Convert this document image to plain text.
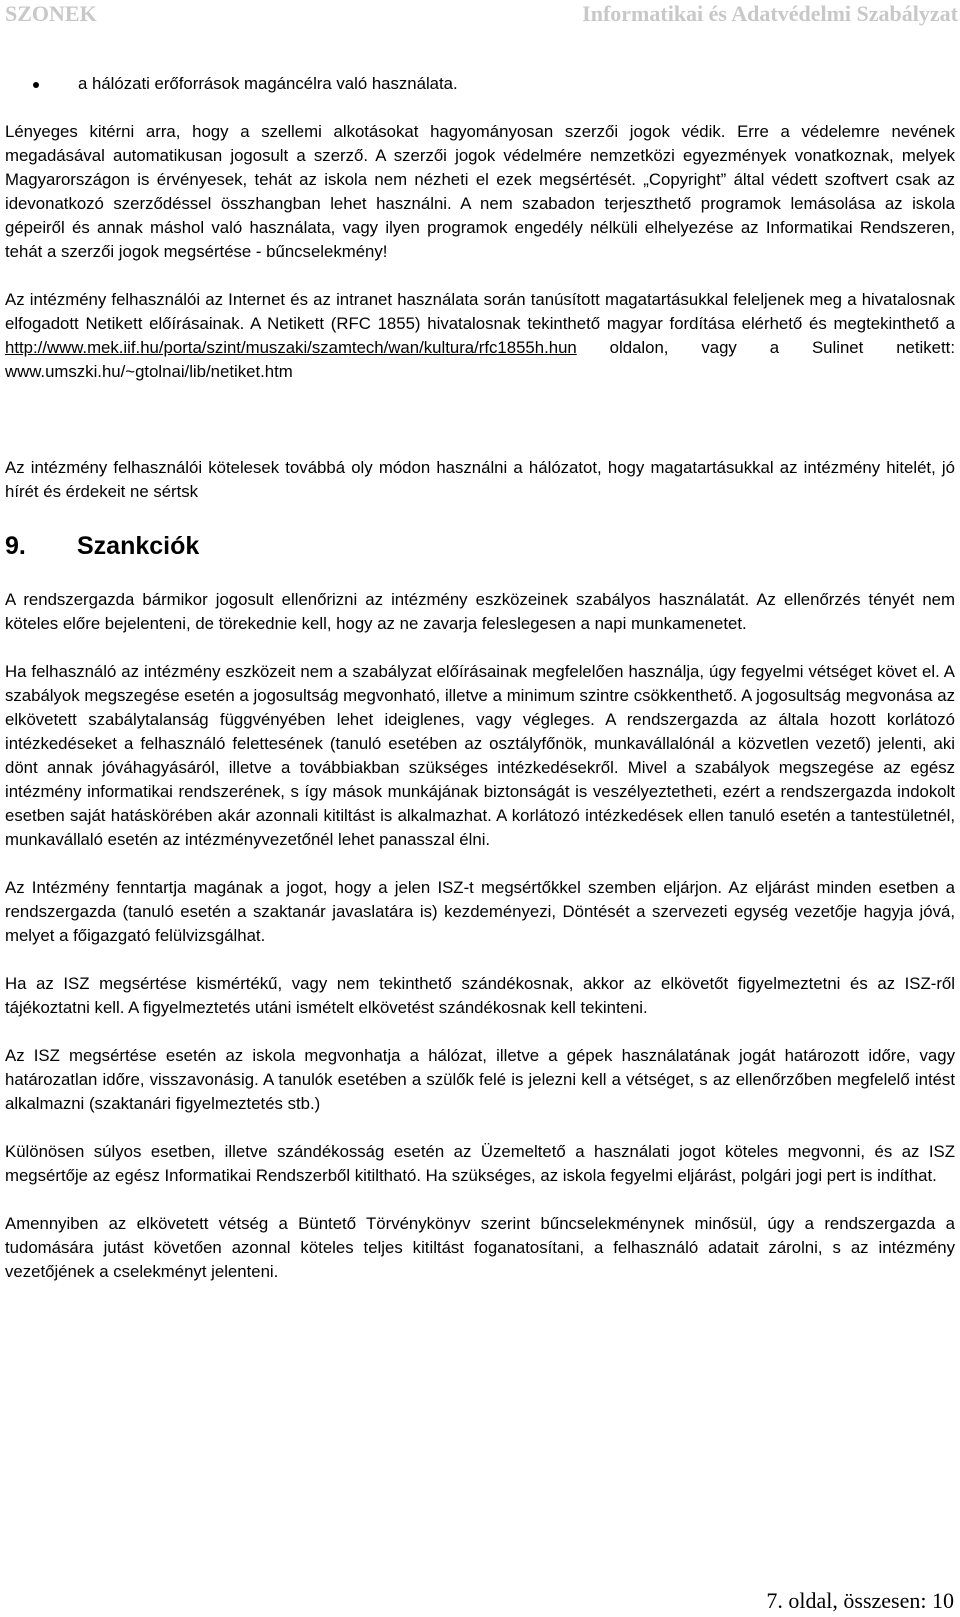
SZONEK	Informatikai és Adatvédelmi Szabályzat
a hálózati erőforrások magáncélra való használata.

Lényeges kitérni arra, hogy a szellemi alkotásokat hagyományosan szerzői jogok védik. Erre a védelemre nevének megadásával automatikusan jogosult a szerző. A szerzői jogok védelmére nemzetközi egyezmények vonatkoznak, melyek Magyarországon is érvényesek, tehát az iskola nem nézheti el ezek megsértését. „Copyright” által védett szoftvert csak az idevonatkozó szerződéssel összhangban lehet használni. A nem szabadon terjeszthető programok lemásolása az iskola gépeiről és annak máshol való használata, vagy ilyen programok engedély nélküli elhelyezése az Informatikai Rendszeren, tehát a szerzői jogok megsértése - bűncselekmény!

Az intézmény felhasználói az Internet és az intranet használata során tanúsított magatartásukkal feleljenek meg a hivatalosnak elfogadott Netikett előírásainak. A Netikett (RFC 1855) hivatalosnak tekinthető magyar fordítása elérhető és megtekinthető a http://www.mek.iif.hu/porta/szint/muszaki/szamtech/wan/kultura/rfc1855h.hun oldalon, vagy a Sulinet netikett: www.umszki.hu/~gtolnai/lib/netiket.htm

Az intézmény felhasználói kötelesek továbbá oly módon használni a hálózatot, hogy magatartásukkal az intézmény hitelét, jó hírét és érdekeit ne sértsk

9.	Szankciók

A rendszergazda bármikor jogosult ellenőrizni az intézmény eszközeinek szabályos használatát. Az ellenőrzés tényét nem köteles előre bejelenteni, de törekednie kell, hogy az ne zavarja feleslegesen a napi munkamenetet.

Ha felhasználó az intézmény eszközeit nem a szabályzat előírásainak megfelelően használja, úgy fegyelmi vétséget követ el. A szabályok megszegése esetén a jogosultság megvonható, illetve a minimum szintre csökkenthető. A jogosultság megvonása az elkövetett szabálytalanság függvényében lehet ideiglenes, vagy végleges. A rendszergazda az általa hozott korlátozó intézkedéseket a felhasználó felettesének (tanuló esetében az osztályfőnök, munkavállalónál a közvetlen vezető) jelenti, aki dönt annak jóváhagyásáról, illetve a továbbiakban szükséges intézkedésekről. Mivel a szabályok megszegése az egész intézmény informatikai rendszerének, s így mások munkájának biztonságát is veszélyeztetheti, ezért a rendszergazda indokolt esetben saját hatáskörében akár azonnali kitiltást is alkalmazhat. A korlátozó intézkedések ellen tanuló esetén a tantestületnél, munkavállaló esetén az intézményvezetőnél lehet panasszal élni.

Az Intézmény fenntartja magának a jogot, hogy a jelen ISZ-t megsértőkkel szemben eljárjon. Az eljárást minden esetben a rendszergazda (tanuló esetén a szaktanár javaslatára is) kezdeményezi, Döntését a szervezeti egység vezetője hagyja jóvá, melyet a főigazgató felülvizsgálhat.

Ha az ISZ megsértése kismértékű, vagy nem tekinthető szándékosnak, akkor az elkövetőt figyelmeztetni és az ISZ-ről tájékoztatni kell. A figyelmeztetés utáni ismételt elkövetést szándékosnak kell tekinteni.

Az ISZ megsértése esetén az iskola megvonhatja a hálózat, illetve a gépek használatának jogát határozott időre, vagy határozatlan időre, visszavonásig. A tanulók esetében a szülők felé is jelezni kell a vétséget, s az ellenőrzőben megfelelő intést alkalmazni (szaktanári figyelmeztetés stb.)

Különösen súlyos esetben, illetve szándékosság esetén az Üzemeltető a használati jogot köteles megvonni, és az ISZ megsértője az egész Informatikai Rendszerből kitiltható. Ha szükséges, az iskola fegyelmi eljárást, polgári jogi pert is indíthat.

Amennyiben az elkövetett vétség a Büntető Törvénykönyv szerint bűncselekménynek minősül, úgy a rendszergazda a tudomására jutást követően azonnal köteles teljes kitiltást foganatosítani, a felhasználó adatait zárolni, s az intézmény vezetőjének a cselekményt jelenteni.

7. oldal, összesen: 10
